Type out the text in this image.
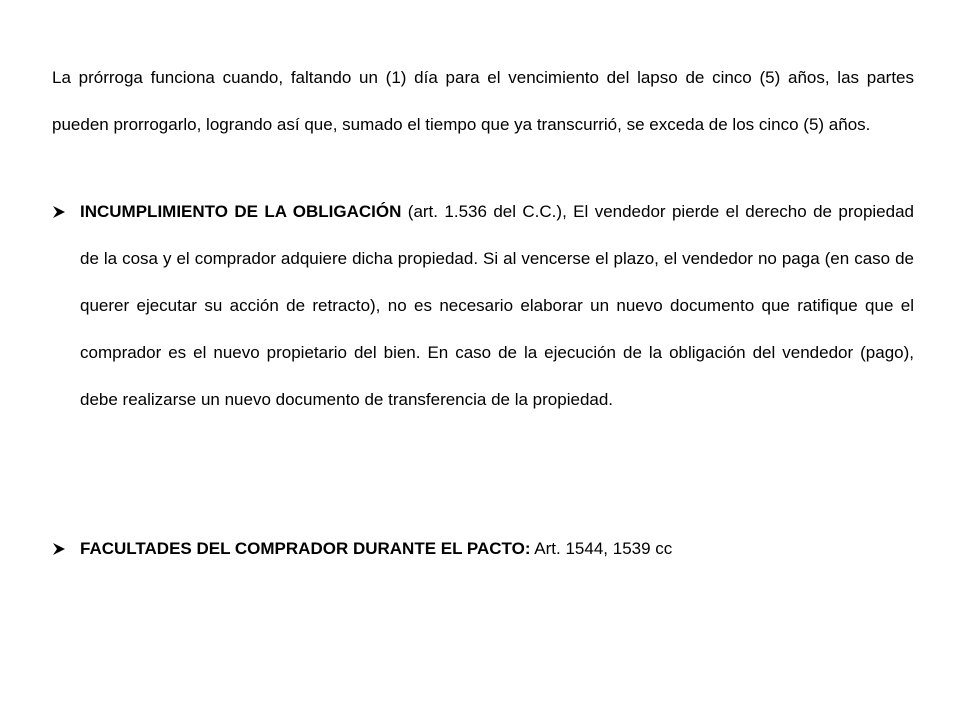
La prórroga funciona cuando, faltando un (1) día para el vencimiento del lapso de cinco (5) años, las partes pueden prorrogarlo, logrando así que, sumado el tiempo que ya transcurrió, se exceda de los cinco (5) años.

INCUMPLIMIENTO DE LA OBLIGACIÓN (art. 1.536 del C.C.), El vendedor pierde el derecho de propiedad de la cosa y el comprador adquiere dicha propiedad. Si al vencerse el plazo, el vendedor no paga (en caso de querer ejecutar su acción de retracto), no es necesario elaborar un nuevo documento que ratifique que el comprador es el nuevo propietario del bien. En caso de la ejecución de la obligación del vendedor (pago), debe realizarse un nuevo documento de transferencia de la propiedad.
FACULTADES DEL COMPRADOR DURANTE EL PACTO: Art. 1544, 1539 cc
